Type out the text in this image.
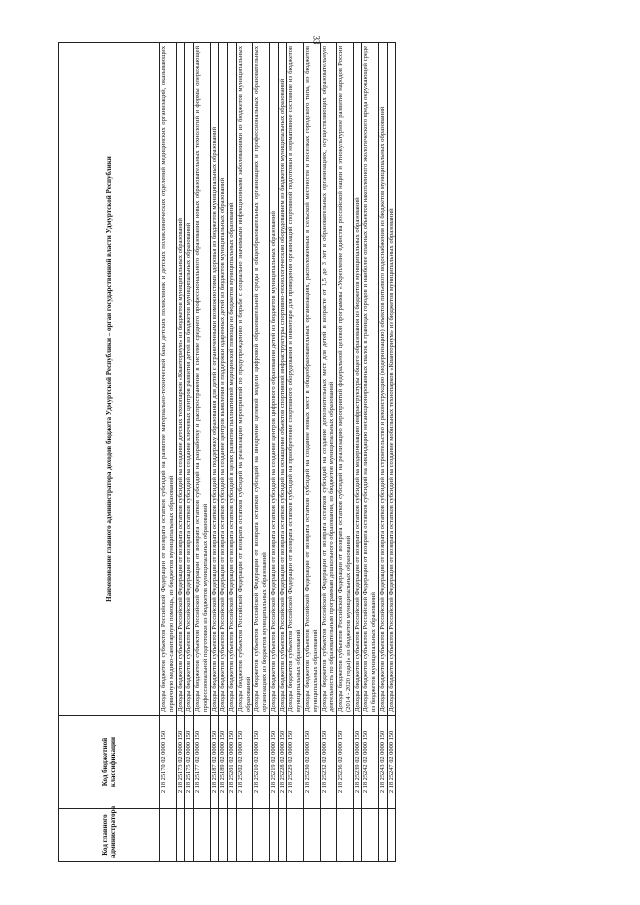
33
Код главного администратора	Код бюджетной классификации	Наименование главного администратора доходов бюджета Удмуртской Республики – орган государственной власти Удмуртской Республики
	2 18 25170 02 0000 150	Доходы бюджетов субъектов Российской Федерации от возврата остатков субсидий на развитие материально-технической базы детских поликлиник и детских поликлинических отделений медицинских организаций, оказывающих первичную медико-санитарную помощь, из бюджетов муниципальных образований
	2 18 25173 02 0000 150	Доходы бюджетов субъектов Российской Федерации от возврата остатков субсидий на создание детских технопарков «Кванториум» из бюджетов муниципальных образований
	2 18 25175 02 0000 150	Доходы бюджетов субъектов Российской Федерации от возврата остатков субсидий на создание ключевых центров развития детей из бюджетов муниципальных образований
	2 18 25177 02 0000 150	Доходы бюджетов субъектов Российской Федерации от возврата остатков субсидий на разработку и распространение в системе среднего профессионального образования новых образовательных технологий и формы опережающей профессиональной подготовки из бюджетов муниципальных образований
	2 18 25187 02 0000 150	Доходы бюджетов субъектов Российской Федерации от возврата остатков субсидий на поддержку образования для детей с ограниченными возможностями здоровья из бюджетов муниципальных образований
	2 18 25189 02 0000 150	Доходы бюджетов субъектов Российской Федерации от возврата остатков субсидий на создание центров выявления и поддержки одаренных детей из бюджетов муниципальных образований
	2 18 25201 02 0000 150	Доходы бюджетов субъектов Российской Федерации от возврата остатков субсидий в целях развития паллиативной медицинской помощи из бюджетов муниципальных образований
	2 18 25202 02 0000 150	Доходы бюджетов субъектов Российской Федерации от возврата остатков субсидий на реализацию мероприятий по предупреждению и борьбе с социально значимыми инфекционными заболеваниями из бюджетов муниципальных образований
	2 18 25210 02 0000 150	Доходы бюджетов субъектов Российской Федерации от возврата остатков субсидий на внедрение целевой модели цифровой образовательной среды в общеобразовательных организациях и профессиональных образовательных организациях из бюджетов муниципальных образований
	2 18 25219 02 0000 150	Доходы бюджетов субъектов Российской Федерации от возврата остатков субсидий на создание центров цифрового образования детей из бюджетов муниципальных образований
	2 18 25228 02 0000 150	Доходы бюджетов субъектов Российской Федерации от возврата остатков субсидий на оснащение объектов спортивной инфраструктуры спортивно-технологическим оборудованием из бюджетов муниципальных образований
	2 18 25229 02 0000 150	Доходы бюджетов субъектов Российской Федерации от возврата остатков субсидий на приобретение спортивного оборудования и инвентаря для приведения организаций спортивной подготовки в нормативное состояние из бюджетов муниципальных образований
	2 18 25230 02 0000 150	Доходы бюджетов субъектов Российской Федерации от возврата остатков субсидий на создание новых мест в общеобразовательных организациях, расположенных в сельской местности и поселках городского типа, из бюджетов муниципальных образований
	2 18 25232 02 0000 150	Доходы бюджетов субъектов Российской Федерации от возврата остатков субсидий на создание дополнительных мест для детей в возрасте от 1,5 до 3 лет в образовательных организациях, осуществляющих образовательную деятельность по образовательным программам дошкольного образования, из бюджетов муниципальных образований
	2 18 25236 02 0000 150	Доходы бюджетов субъектов Российской Федерации от возврата остатков субсидий на реализацию мероприятий федеральной целевой программы «Укрепление единства российской нации и этнокультурное развитие народов России (2014 - 2020 годы)» из бюджетов муниципальных образований
	2 18 25239 02 0000 150	Доходы бюджетов субъектов Российской Федерации от возврата остатков субсидий на модернизацию инфраструктуры общего образования из бюджетов муниципальных образований
	2 18 25242 02 0000 150	Доходы бюджетов субъектов Российской Федерации от возврата остатков субсидий на ликвидацию несанкционированных свалок в границах городов и наиболее опасных объектов накопленного экологического вреда окружающей среде из бюджетов муниципальных образований
	2 18 25243 02 0000 150	Доходы бюджетов субъектов Российской Федерации от возврата остатков субсидий на строительство и реконструкцию (модернизацию) объектов питьевого водоснабжения из бюджетов муниципальных образований
	2 18 25247 02 0000 150	Доходы бюджетов субъектов Российской Федерации от возврата остатков субсидий на создание мобильных технопарков «Кванториум» из бюджетов муниципальных образований
